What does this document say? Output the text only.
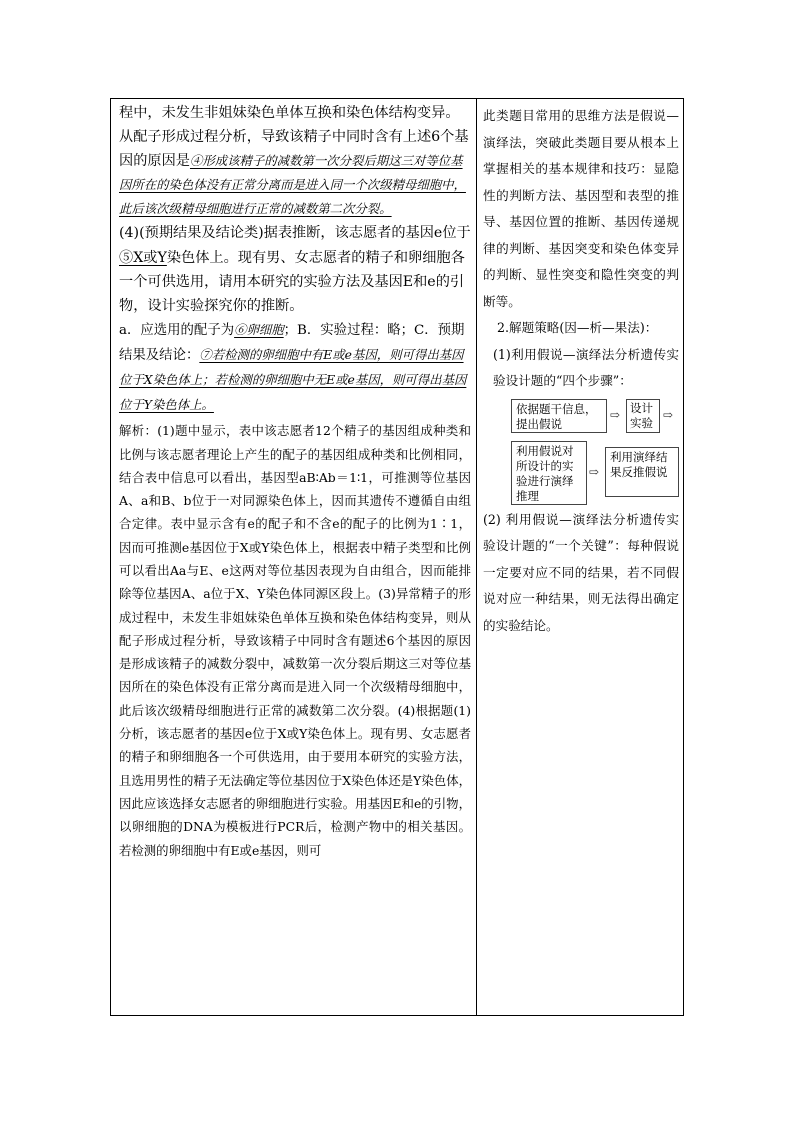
程中，未发生非姐妹染色单体互换和染色体结构变异。从配子形成过程分析，导致该精子中同时含有上述6个基因的原因是④形成该精子的减数第一次分裂后期这三对等位基因所在的染色体没有正常分离而是进入同一个次级精母细胞中，此后该次级精母细胞进行正常的减数第二次分裂。

(4)(预期结果及结论类)据表推断，该志愿者的基因e位于⑤X或Y染色体上。现有男、女志愿者的精子和卵细胞各一个可供选用，请用本研究的实验方法及基因E和e的引物，设计实验探究你的推断。

a．应选用的配子为⑥卵细胞；B．实验过程：略；C．预期结果及结论：⑦若检测的卵细胞中有E或e基因，则可得出基因位于X染色体上；若检测的卵细胞中无E或e基因，则可得出基因位于Y染色体上。

解析：(1)题中显示，表中该志愿者12个精子的基因组成种类和比例与该志愿者理论上产生的配子的基因组成种类和比例相同，结合表中信息可以看出，基因型aB∶Ab＝1∶1，可推测等位基因A、a和B、b位于一对同源染色体上，因而其遗传不遵循自由组合定律。表中显示含有e的配子和不含e的配子的比例为1∶1，因而可推测e基因位于X或Y染色体上，根据表中精子类型和比例可以看出Aa与E、e这两对等位基因表现为自由组合，因而能排除等位基因A、a位于X、Y染色体同源区段上。(3)异常精子的形成过程中，未发生非姐妹染色单体互换和染色体结构变异，则从配子形成过程分析，导致该精子中同时含有题述6个基因的原因是形成该精子的减数分裂中，减数第一次分裂后期这三对等位基因所在的染色体没有正常分离而是进入同一个次级精母细胞中，此后该次级精母细胞进行正常的减数第二次分裂。(4)根据题(1)分析，该志愿者的基因e位于X或Y染色体上。现有男、女志愿者的精子和卵细胞各一个可供选用，由于要用本研究的实验方法，且选用男性的精子无法确定等位基因位于X染色体还是Y染色体，因此应该选择女志愿者的卵细胞进行实验。用基因E和e的引物，以卵细胞的DNA为模板进行PCR后，检测产物中的相关基因。若检测的卵细胞中有E或e基因，则可

此类题目常用的思维方法是假说—演绎法，突破此类题目要从根本上掌握相关的基本规律和技巧：显隐性的判断方法、基因型和表型的推导、基因位置的推断、基因传递规律的判断、基因突变和染色体变异的判断、显性突变和隐性突变的判断等。

2.解题策略(因—析—果法)：

(1)利用假说—演绎法分析遗传实验设计题的“四个步骤”：

依据题干信息，提出假说
⇨ 设计实验
⇨
利用假说对所设计的实验进行演绎推理
⇨
利用演绎结果反推假说

(2) 利用假说—演绎法分析遗传实验设计题的“一个关键”：每种假说一定要对应不同的结果，若不同假说对应一种结果，则无法得出确定的实验结论。
